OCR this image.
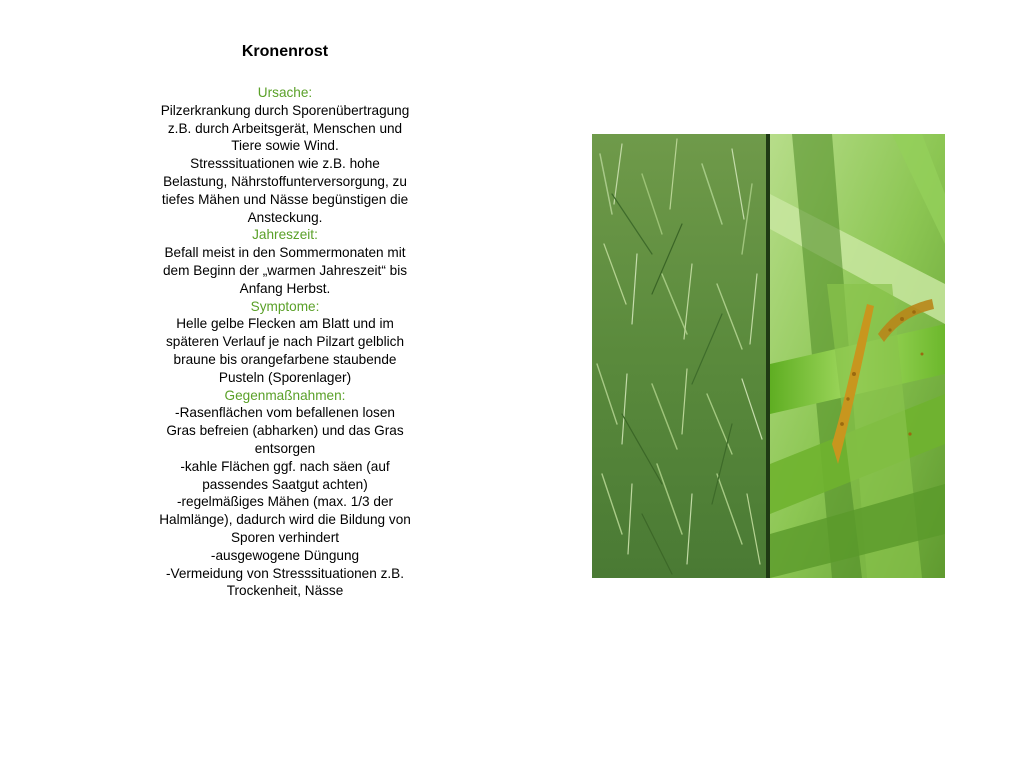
Kronenrost
Ursache:
Pilzerkrankung durch Sporenübertragung
z.B. durch Arbeitsgerät, Menschen und
Tiere sowie Wind.
Stresssituationen wie z.B. hohe
Belastung, Nährstoffunterversorgung, zu
tiefes Mähen und Nässe begünstigen die
Ansteckung.
Jahreszeit:
Befall meist in den Sommermonaten mit
dem Beginn der „warmen Jahreszeit“ bis
Anfang Herbst.
Symptome:
Helle gelbe Flecken am Blatt und im
späteren Verlauf je nach Pilzart gelblich
braune bis orangefarbene staubende
Pusteln (Sporenlager)
Gegenmaßnahmen:
-Rasenflächen vom befallenen losen
Gras befreien (abharken) und das Gras
entsorgen
-kahle Flächen ggf. nach säen (auf
passendes Saatgut achten)
-regelmäßiges Mähen (max. 1/3 der
Halmlänge), dadurch wird die Bildung von
Sporen verhindert
-ausgewogene Düngung
-Vermeidung von Stresssituationen z.B.
Trockenheit, Nässe
